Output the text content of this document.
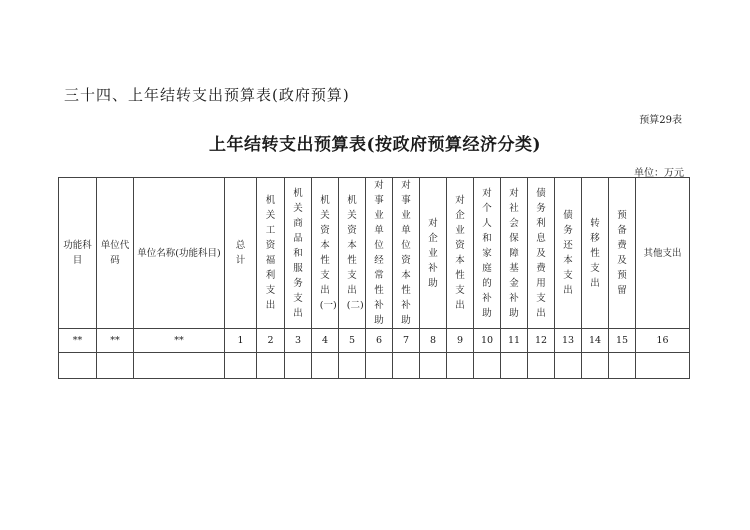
三十四、上年结转支出预算表(政府预算)
预算29表
上年结转支出预算表(按政府预算经济分类)
单位：万元
功能科目	单位代码	单位名称(功能科目)	总计	机关工资福利支出	机关商品和服务支出	机关资本性支出(一)	机关资本性支出(二)	对事业单位经常性补助	对事业单位资本性补助	对企业补助	对企业资本性支出	对个人和家庭的补助	对社会保障基金补助	债务利息及费用支出	债务还本支出	转移性支出	预备费及预留	其他支出
**	**	**	1	2	3	4	5	6	7	8	9	10	11	12	13	14	15	16
